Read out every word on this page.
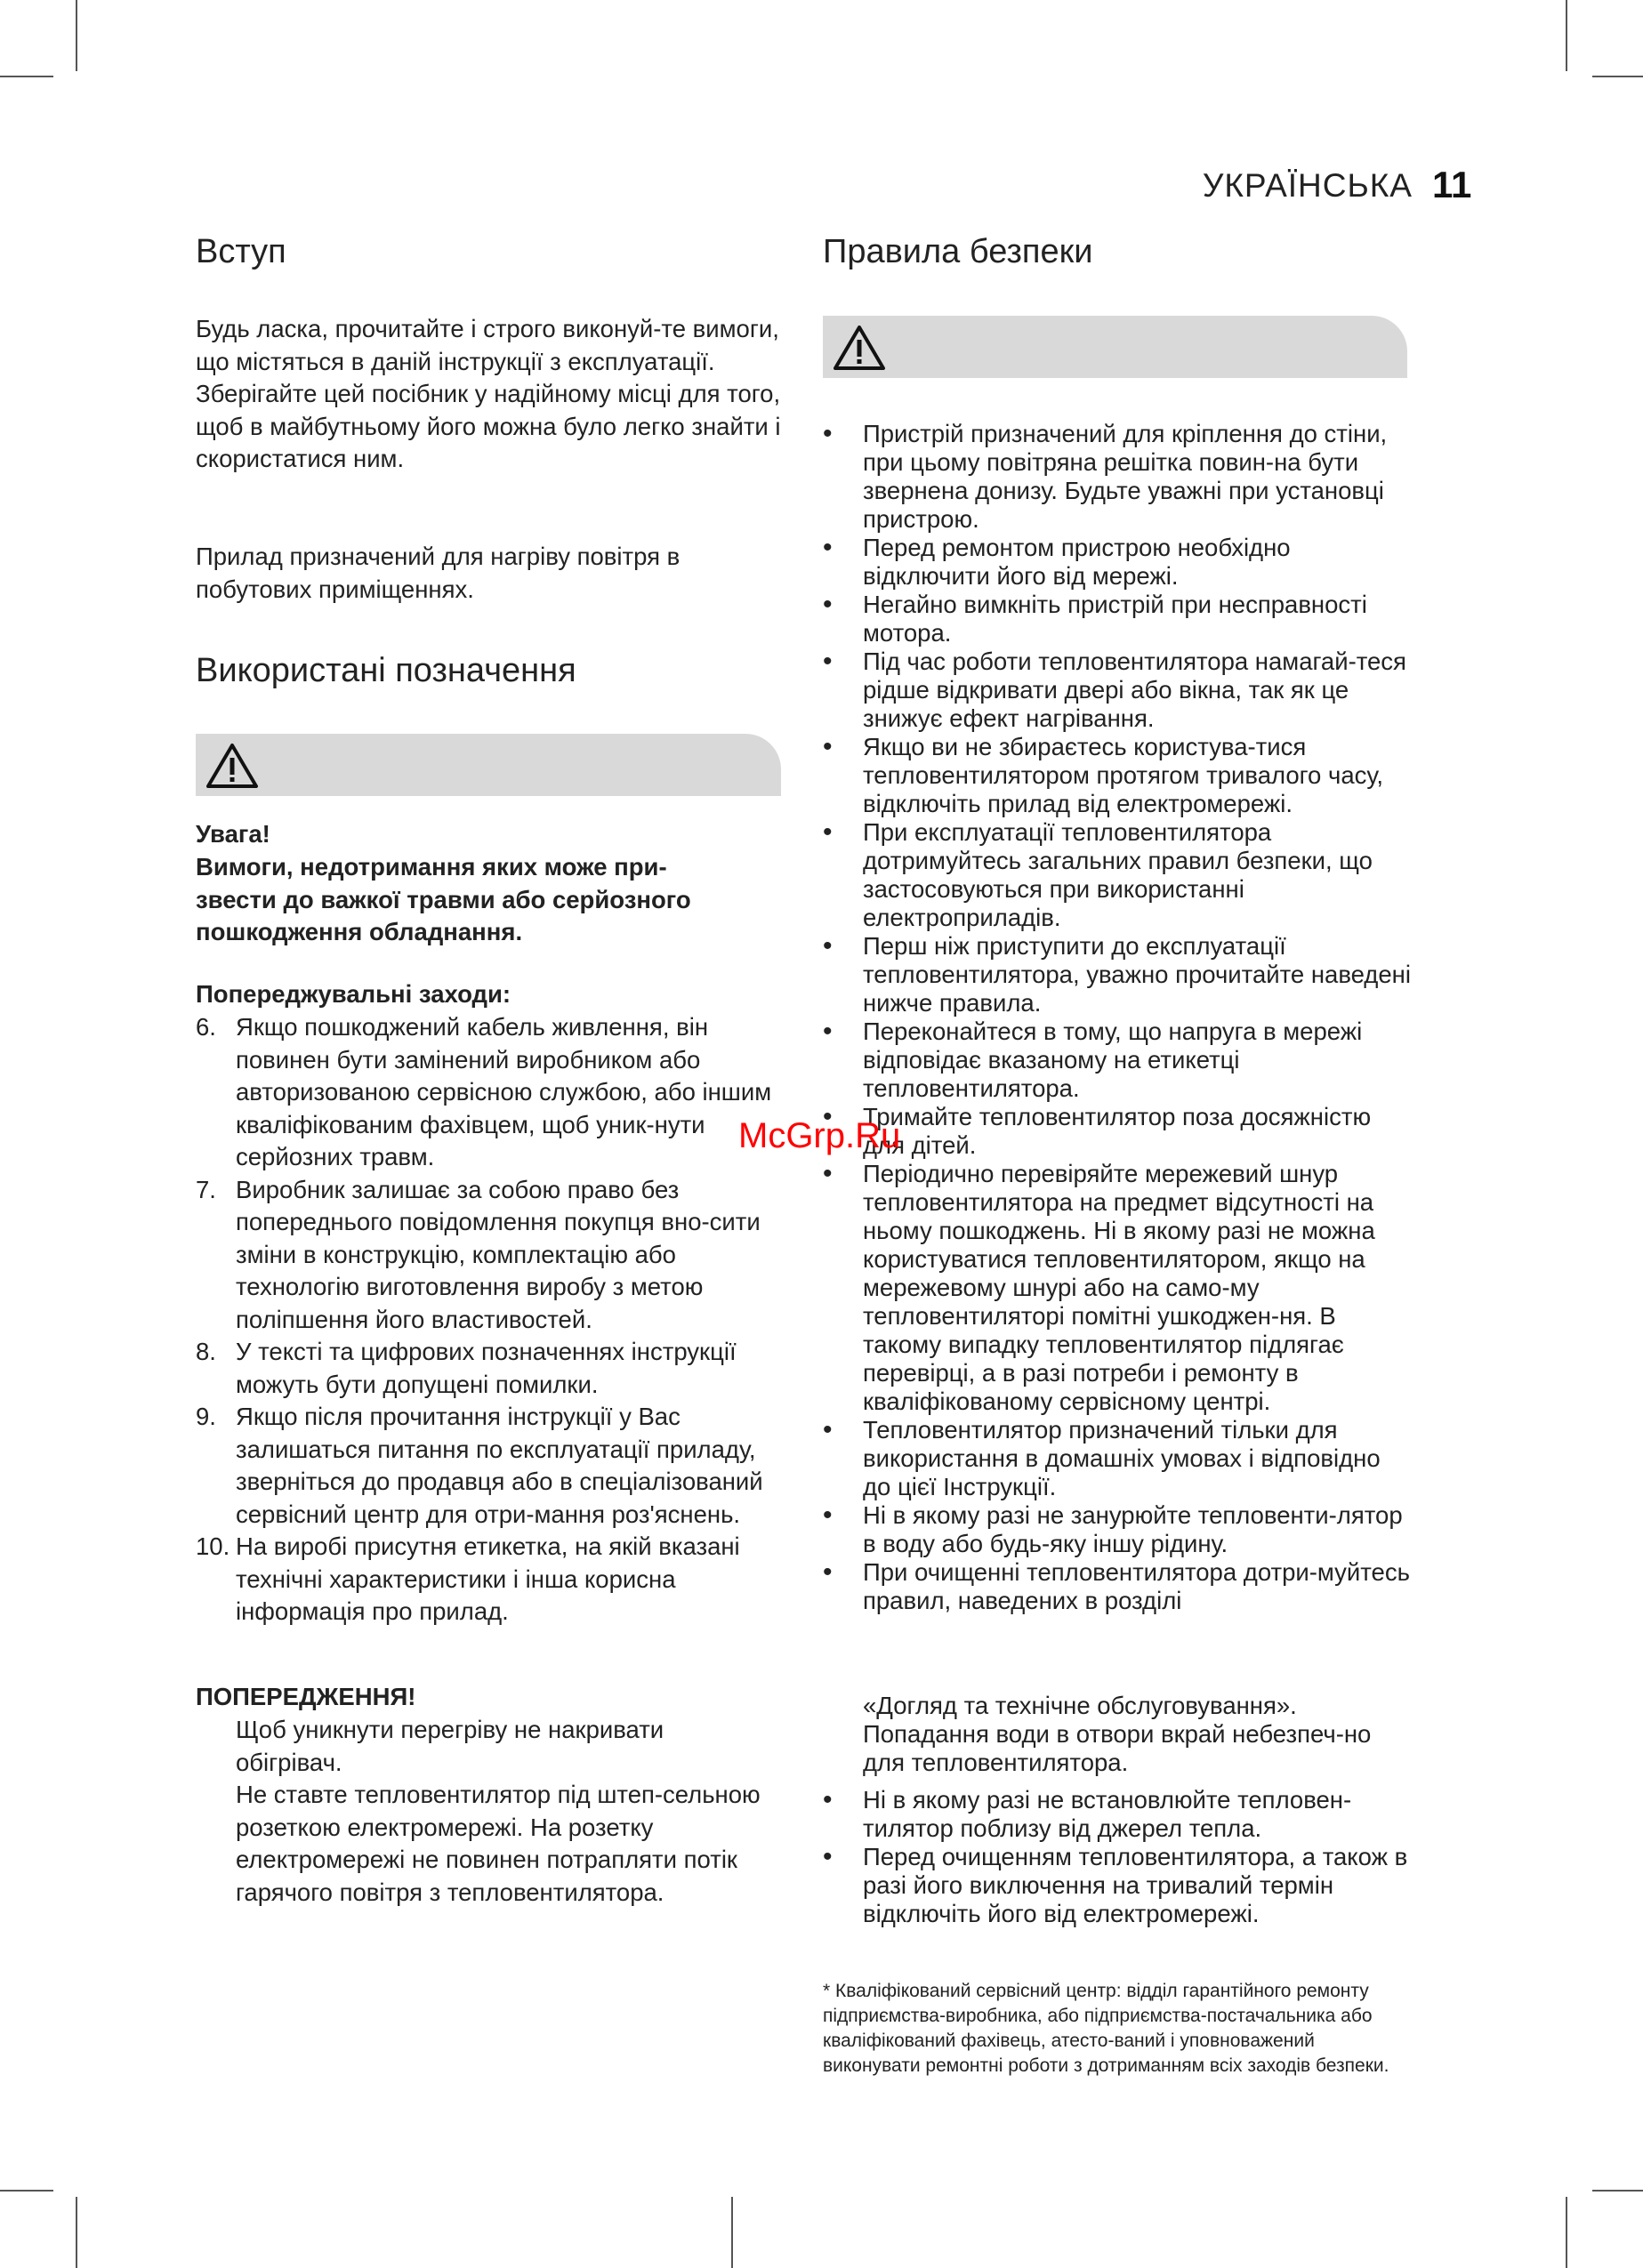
УКРАЇНСЬКА 11
Вступ

Будь ласка, прочитайте і строго виконуй-те вимоги, що містяться в даній інструкції з експлуатації. Зберігайте цей посібник у надійному місці для того, щоб в майбутньому його можна було легко знайти і скористатися ним.

Прилад призначений для нагріву повітря в побутових приміщеннях.

Використані позначення

Увага!

Вимоги, недотримання яких може при-звести до важкої травми або серйозного пошкодження обладнання.

Попереджувальні заходи:

6. Якщо пошкоджений кабель живлення, він повинен бути замінений виробником або авторизованою сервісною службою, або іншим кваліфікованим фахівцем, щоб уник-нути серйозних травм.
7. Виробник залишає за собою право без попереднього повідомлення покупця вно-сити зміни в конструкцію, комплектацію або технологію виготовлення виробу з метою поліпшення його властивостей.
8. У тексті та цифрових позначеннях інструкції можуть бути допущені помилки.
9. Якщо після прочитання інструкції у Вас залишаться питання по експлуатації приладу, зверніться до продавця або в спеціалізований сервісний центр для отри-мання роз'яснень.
10. На виробі присутня етикетка, на якій вказані технічні характеристики і інша корисна інформація про прилад.

ПОПЕРЕДЖЕННЯ!

Щоб уникнути перегріву не накривати обігрівач.

Не ставте тепловентилятор під штеп-сельною розеткою електромережі. На розетку електромережі не повинен потрапляти потік гарячого повітря з тепловентилятора.

Правила безпеки
• Пристрій призначений для кріплення до стіни, при цьому повітряна решітка повин-на бути звернена донизу. Будьте уважні при установці пристрою.
• Перед ремонтом пристрою необхідно відключити його від мережі.
• Негайно вимкніть пристрій при несправності мотора.
• Під час роботи тепловентилятора намагай-теся рідше відкривати двері або вікна, так як це знижує ефект нагрівання.
• Якщо ви не збираєтесь користува-тися тепловентилятором протягом тривалого часу, відключіть прилад від електромережі.
• При експлуатації тепловентилятора дотримуйтесь загальних правил безпеки, що застосовуються при використанні електроприладів.
• Перш ніж приступити до експлуатації тепловентилятора, уважно прочитайте наведені нижче правила.
• Переконайтеся в тому, що напруга в мережі відповідає вказаному на етикетці тепловентилятора.
• Тримайте тепловентилятор поза досяжністю для дітей.
• Періодично перевіряйте мережевий шнур тепловентилятора на предмет відсутності на ньому пошкоджень. Ні в якому разі не можна користуватися тепловентилятором, якщо на мережевому шнурі або на само-му тепловентиляторі помітні ушкоджен-ня. В такому випадку тепловентилятор підлягає перевірці, а в разі потреби і ремонту в кваліфікованому сервісному центрі.
• Тепловентилятор призначений тільки для використання в домашніх умовах і відповідно до цієї Інструкції.
• Ні в якому разі не занурюйте тепловенти-лятор в воду або будь-яку іншу рідину.
• При очищенні тепловентилятора дотри-муйтесь правил, наведених в розділі

«Догляд та технічне обслуговування». Попадання води в отвори вкрай небезпеч-но для тепловентилятора.

• Ні в якому разі не встановлюйте тепловен-тилятор поблизу від джерел тепла.
• Перед очищенням тепловентилятора, а також в разі його виключення на тривалий термін відключіть його від електромережі.

* Кваліфікований сервісний центр: відділ гарантійного ремонту підприємства-виробника, або підприємства-постачальника або кваліфікований фахівець, атесто-ваний і уповноважений виконувати ремонтні роботи з дотриманням всіх заходів безпеки.

McGrp.Ru
